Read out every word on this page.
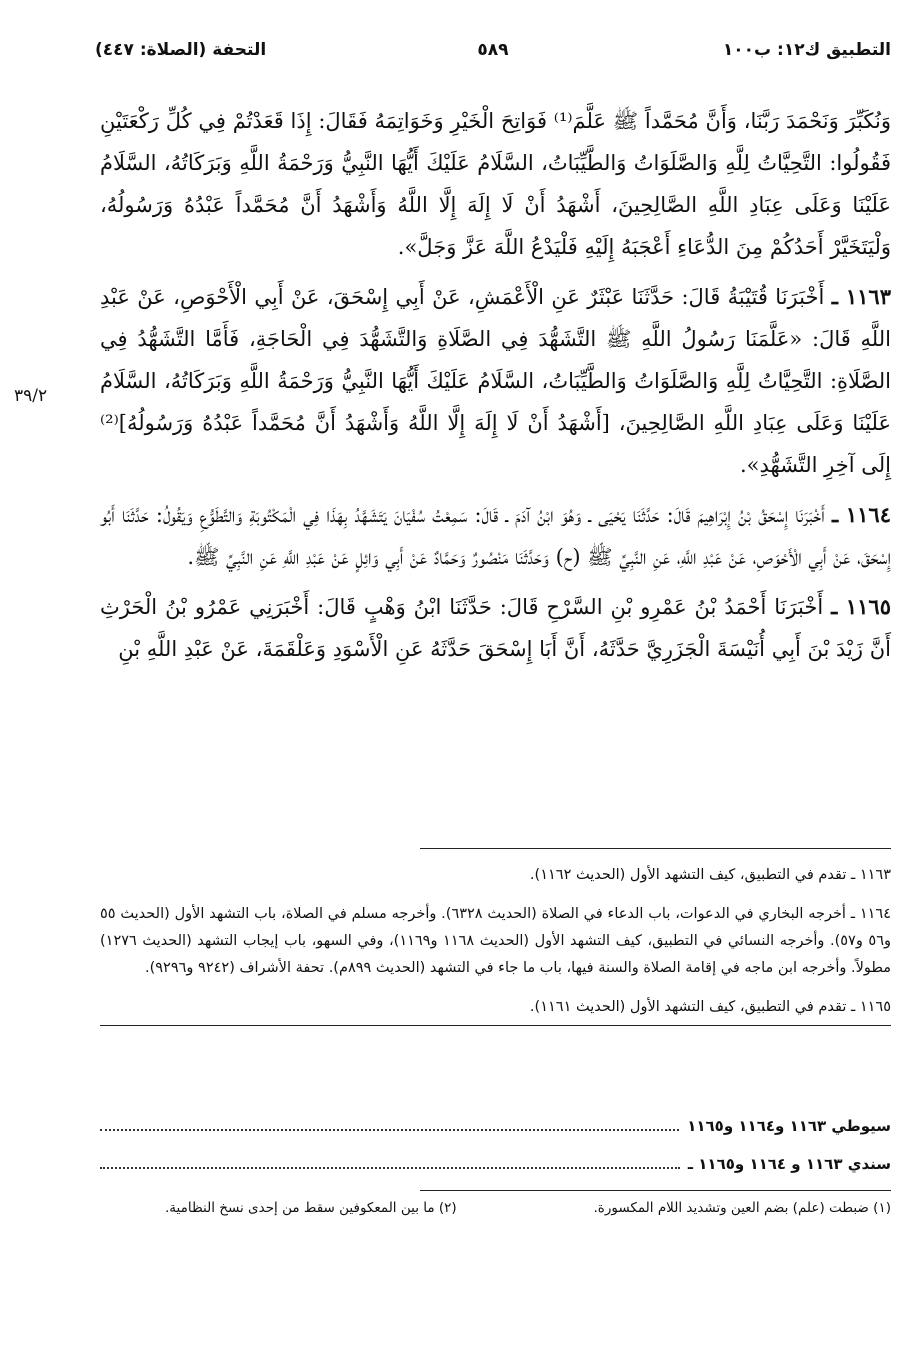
التطبيق ك١٢: ب١٠٠
٥٨٩
التحفة (الصلاة: ٤٤٧)

وَنُكَبِّرَ وَنَحْمَدَ رَبَّنَا، وَأَنَّ مُحَمَّداً ﷺ عَلَّمَ⁽¹⁾ فَوَاتِحَ الْخَيْرِ وَخَوَاتِمَهُ فَقَالَ: إِذَا قَعَدْتُمْ فِي كُلِّ رَكْعَتَيْنِ فَقُولُوا: التَّحِيَّاتُ لِلَّهِ وَالصَّلَوَاتُ وَالطَّيِّبَاتُ، السَّلَامُ عَلَيْكَ أَيُّهَا النَّبِيُّ وَرَحْمَةُ اللَّهِ وَبَرَكَاتُهُ، السَّلَامُ عَلَيْنَا وَعَلَى عِبَادِ اللَّهِ الصَّالِحِينَ، أَشْهَدُ أَنْ لَا إِلَهَ إِلَّا اللَّهُ وَأَشْهَدُ أَنَّ مُحَمَّداً عَبْدُهُ وَرَسُولُهُ، وَلْيَتَخَيَّرْ أَحَدُكُمْ مِنَ الدُّعَاءِ أَعْجَبَهُ إِلَيْهِ فَلْيَدْعُ اللَّهَ عَزَّ وَجَلَّ».

١١٦٣ ـ أَخْبَرَنَا قُتَيْبَةُ قَالَ: حَدَّثَنَا عَبْثَرٌ عَنِ الْأَعْمَشِ، عَنْ أَبِي إِسْحَقَ، عَنْ أَبِي الْأَحْوَصِ، عَنْ عَبْدِ اللَّهِ قَالَ: «عَلَّمَنَا رَسُولُ اللَّهِ ﷺ التَّشَهُّدَ فِي الصَّلَاةِ وَالتَّشَهُّدَ فِي الْحَاجَةِ، فَأَمَّا التَّشَهُّدُ فِي الصَّلَاةِ: التَّحِيَّاتُ لِلَّهِ وَالصَّلَوَاتُ وَالطَّيِّبَاتُ، السَّلَامُ عَلَيْكَ أَيُّهَا النَّبِيُّ وَرَحْمَةُ اللَّهِ وَبَرَكَاتُهُ، السَّلَامُ عَلَيْنَا وَعَلَى عِبَادِ اللَّهِ الصَّالِحِينَ، [أَشْهَدُ أَنْ لَا إِلَهَ إِلَّا اللَّهُ وَأَشْهَدُ أَنَّ مُحَمَّداً عَبْدُهُ وَرَسُولُهُ]⁽²⁾ إِلَى آخِرِ التَّشَهُّدِ».

١١٦٤ ـ أَخْبَرَنَا إِسْحَقُ بْنُ إِبْرَاهِيمَ قَالَ: حَدَّثَنَا يَحْيَى ـ وَهُوَ ابْنُ آدَمَ ـ قَالَ: سَمِعْتُ سُفْيَانَ يَتَشَهَّدُ بِهَذَا فِي الْمَكْتُوبَةِ وَالتَّطَوُّعِ وَيَقُولُ: حَدَّثَنَا أَبُو إِسْحَقَ، عَنْ أَبِي الْأَحْوَصِ، عَنْ عَبْدِ اللَّهِ، عَنِ النَّبِيِّ ﷺ (ح) وَحَدَّثَنَا مَنْصُورٌ وَحَمَّادٌ عَنْ أَبِي وَائِلٍ عَنْ عَبْدِ اللَّهِ عَنِ النَّبِيِّ ﷺ.

١١٦٥ ـ أَخْبَرَنَا أَحْمَدُ بْنُ عَمْرِو بْنِ السَّرْحِ قَالَ: حَدَّثَنَا ابْنُ وَهْبٍ قَالَ: أَخْبَرَنِي عَمْرُو بْنُ الْحَرْثِ أَنَّ زَيْدَ بْنَ أَبِي أُنَيْسَةَ الْجَزَرِيَّ حَدَّثَهُ، أَنَّ أَبَا إِسْحَقَ حَدَّثَهُ عَنِ الْأَسْوَدِ وَعَلْقَمَةَ، عَنْ عَبْدِ اللَّهِ بْنِ

٣٩/٢

١١٦٣ ـ تقدم في التطبيق، كيف التشهد الأول (الحديث ١١٦٢).

١١٦٤ ـ أخرجه البخاري في الدعوات، باب الدعاء في الصلاة (الحديث ٦٣٢٨). وأخرجه مسلم في الصلاة، باب التشهد الأول (الحديث ٥٥ و٥٦ و٥٧). وأخرجه النسائي في التطبيق، كيف التشهد الأول (الحديث ١١٦٨ و١١٦٩)، وفي السهو، باب إيجاب التشهد (الحديث ١٢٧٦) مطولاً. وأخرجه ابن ماجه في إقامة الصلاة والسنة فيها، باب ما جاء في التشهد (الحديث ٨٩٩م). تحفة الأشراف (٩٢٤٢ و٩٢٩٦).

١١٦٥ ـ تقدم في التطبيق، كيف التشهد الأول (الحديث ١١٦١).

سيوطي ١١٦٣ و١١٦٤ و١١٦٥
سندي ١١٦٣ و ١١٦٤ و١١٦٥ ـ
(١) ضبطت (علم) بضم العين وتشديد اللام المكسورة.
(٢) ما بين المعكوفين سقط من إحدى نسخ النظامية.
